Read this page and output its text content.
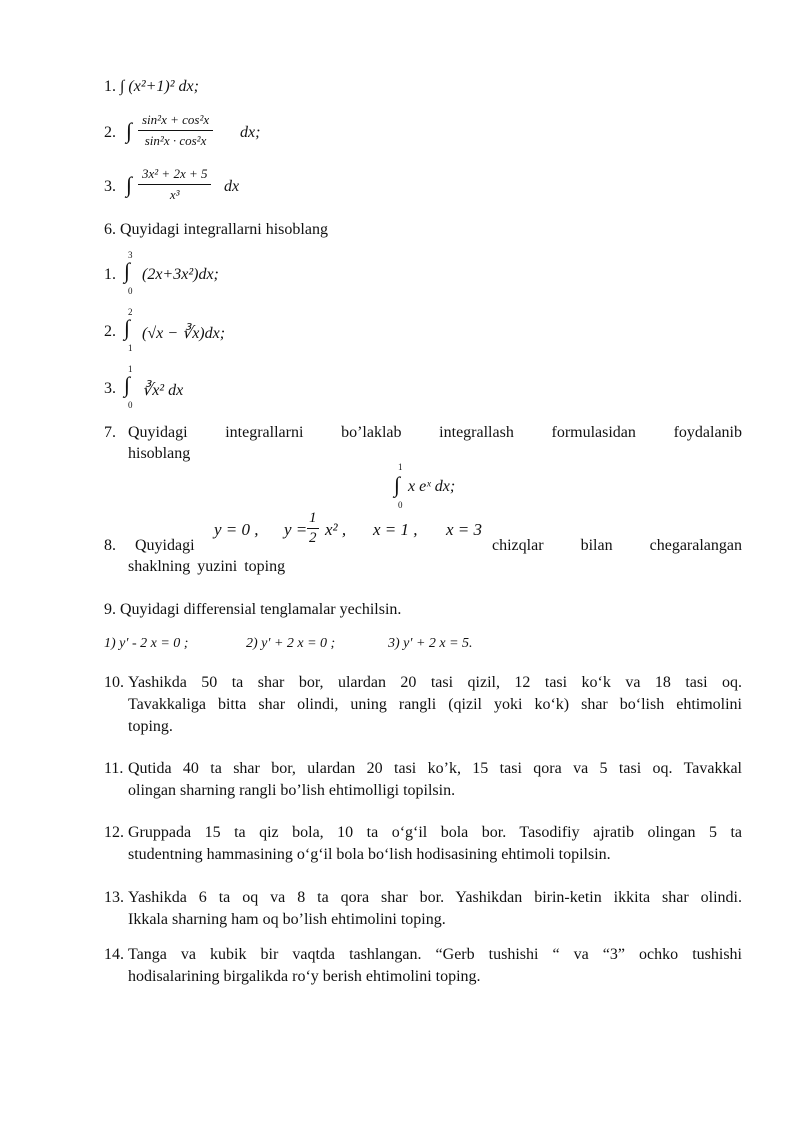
1. ∫ (x²+1)² dx;
2. ∫ $\frac{\text{sin²x + cos²x}}{\text{sin²x · cos²x}}$ dx;
3. ∫ $\frac{\text{3x² + 2x + 5}}{\text{x³}}$ dx
6. Quyidagi integrallarni hisoblang
1.
3
∫
0
(2x+3x²)dx;
2.
2
∫
1
(√x − ∛x)dx;
3.
1
∫
0
∛x² dx
7. Quyidagi integrallarni bo’laklab integrallash formulasidan foydalanib
hisoblang
1
∫
0
x eˣ dx;
8. Quyidagi
y = 0 , $y = \frac{1}{2} x^2$ , x = 1 , x = 3
chizqlar bilan chegaralangan
shaklning yuzini toping
9. Quyidagi differensial tenglamalar yechilsin.
1) y′ - 2 x = 0 ;	2) y′ + 2 x = 0 ;	3) y′ + 2 x = 5.
10. Yashikda 50 ta shar bor, ulardan 20 tasi qizil, 12 tasi ko‘k va 18 tasi oq.
Tavakkaliga bitta shar olindi, uning rangli (qizil yoki ko‘k) shar bo‘lish ehtimolini
toping.
11. Qutida 40 ta shar bor, ulardan 20 tasi ko’k, 15 tasi qora va 5 tasi oq. Tavakkal
olingan sharning rangli bo’lish ehtimolligi topilsin.
12. Gruppada 15 ta qiz bola, 10 ta o‘g‘il bola bor. Tasodifiy ajratib olingan 5 ta
studentning hammasining o‘g‘il bola bo‘lish hodisasining ehtimoli topilsin.
13. Yashikda 6 ta oq va 8 ta qora shar bor. Yashikdan birin-ketin ikkita shar olindi.
Ikkala sharning ham oq bo’lish ehtimolini toping.
14. Tanga va kubik bir vaqtda tashlangan. “Gerb tushishi “ va “3” ochko tushishi
hodisalarining birgalikda ro‘y berish ehtimolini toping.
